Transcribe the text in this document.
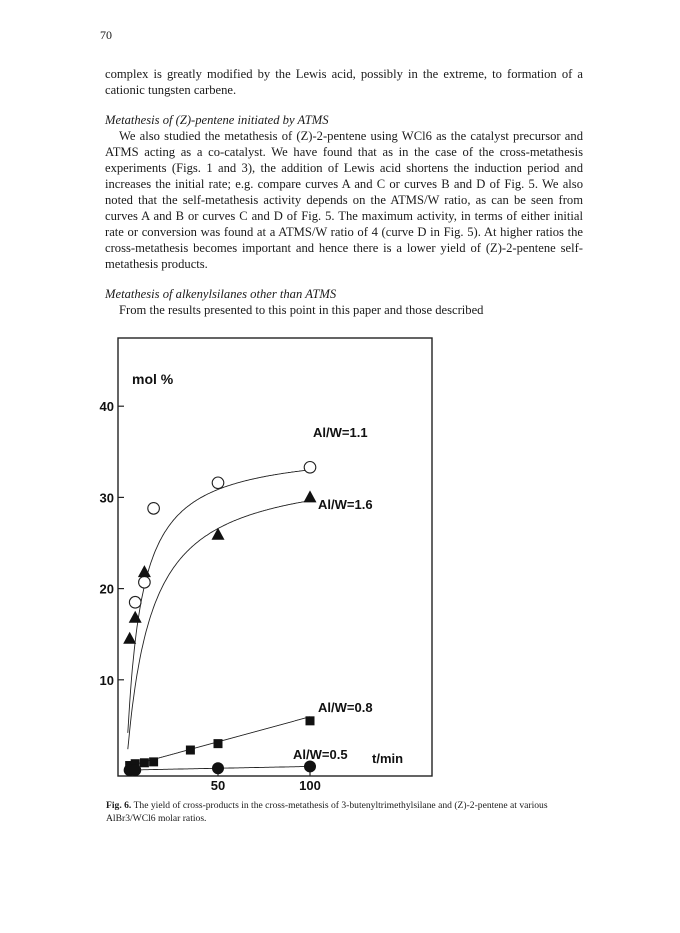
70

complex is greatly modified by the Lewis acid, possibly in the extreme, to formation of a cationic tungsten carbene.

Metathesis of (Z)-pentene initiated by ATMS

We also studied the metathesis of (Z)-2-pentene using WCl6 as the catalyst precursor and ATMS acting as a co-catalyst. We have found that as in the case of the cross-metathesis experiments (Figs. 1 and 3), the addition of Lewis acid shortens the induction period and increases the initial rate; e.g. compare curves A and C or curves B and D of Fig. 5. We also noted that the self-metathesis activity depends on the ATMS/W ratio, as can be seen from curves A and B or curves C and D of Fig. 5. The maximum activity, in terms of either initial rate or conversion was found at a ATMS/W ratio of 4 (curve D in Fig. 5). At higher ratios the cross-metathesis becomes important and hence there is a lower yield of (Z)-2-pentene self-metathesis products.

Metathesis of alkenylsilanes other than ATMS

From the results presented to this point in this paper and those described

10
20
30
40
50	100
mol %
t/min
Al/W=1.1
Al/W=1.6
Al/W=0.8
Al/W=0.5
Fig. 6. The yield of cross-products in the cross-metathesis of 3-butenyltrimethylsilane and (Z)-2-pentene at various AlBr3/WCl6 molar ratios.
